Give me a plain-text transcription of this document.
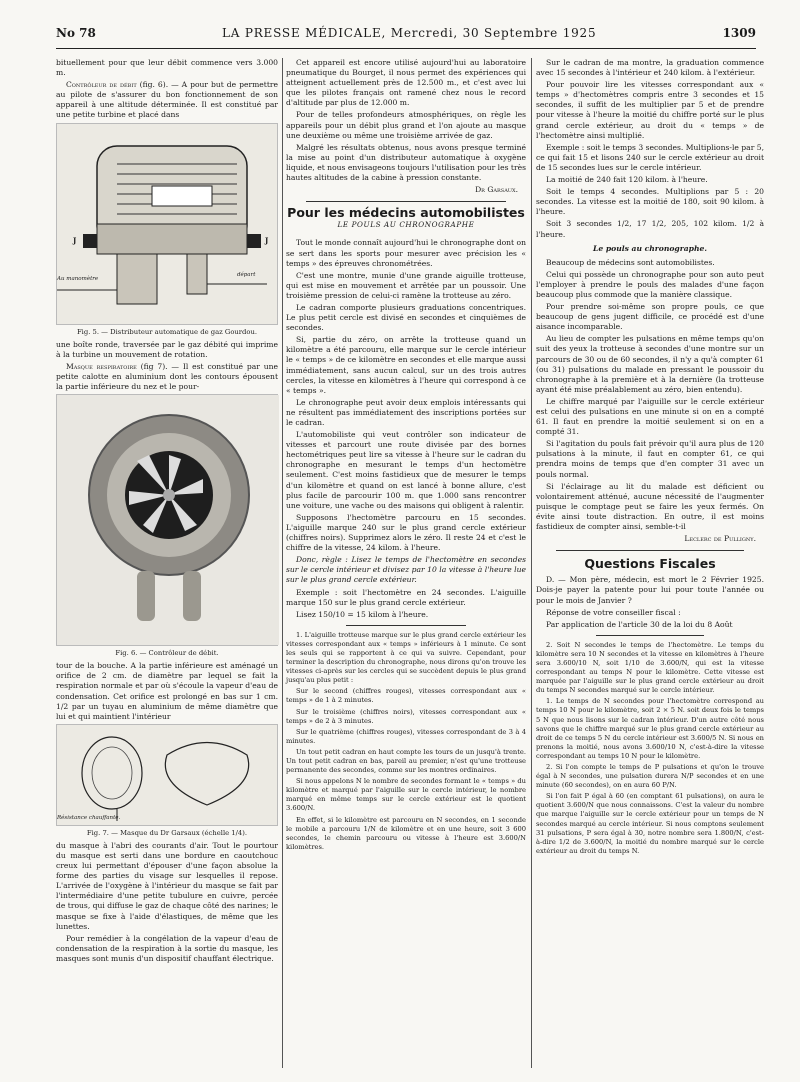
No 78	LA PRESSE MÉDICALE, Mercredi, 30 Septembre 1925	1309

bituellement pour que leur débit commence vers 3.000 m.

Contrôleur de débit (fig. 6). — A pour but de permettre au pilote de s'assurer du bon fonctionnement de son appareil à une altitude déterminée. Il est constitué par une petite turbine et placé dans

Au manomètre
départ
J	J

Fig. 5. — Distributeur automatique de gaz Gourdou.

une boîte ronde, traversée par le gaz débité qui imprime à la turbine un mouvement de rotation.

Masque respiratoire (fig 7). — Il est constitué par une petite calotte en aluminium dont les contours épousent la partie inférieure du nez et le pour-

Fig. 6. — Contrôleur de débit.

tour de la bouche. A la partie inférieure est aménagé un orifice de 2 cm. de diamètre par lequel se fait la respiration normale et par où s'écoule la vapeur d'eau de condensation. Cet orifice est prolongé en bas sur 1 cm. 1/2 par un tuyau en aluminium de même diamètre que lui et qui maintient l'intérieur

Résistance chauffante.

Fig. 7. — Masque du Dr Garsaux (échelle 1/4).

du masque à l'abri des courants d'air. Tout le pourtour du masque est serti dans une bordure en caoutchouc creux lui permettant d'épouser d'une façon absolue la forme des parties du visage sur lesquelles il repose. L'arrivée de l'oxygène à l'intérieur du masque se fait par l'intermédiaire d'une petite tubulure en cuivre, percée de trous, qui diffuse le gaz de chaque côté des narines; le masque se fixe à l'aide d'élastiques, de même que les lunettes.

Pour remédier à la congélation de la vapeur d'eau de condensation de la respiration à la sortie du masque, les masques sont munis d'un dispositif chauffant électrique.

Cet appareil est encore utilisé aujourd'hui au laboratoire pneumatique du Bourget, il nous permet des expériences qui atteignent actuellement près de 12.500 m., et c'est avec lui que les pilotes français ont ramené chez nous le record d'altitude par plus de 12.000 m.

Pour de telles profondeurs atmosphériques, on règle les appareils pour un débit plus grand et l'on ajoute au masque une deuxième ou même une troisième arrivée de gaz.

Malgré les résultats obtenus, nous avons presque terminé la mise au point d'un distributeur automatique à oxygène liquide, et nous envisageons toujours l'utilisation pour les très hautes altitudes de la cabine à pression constante.

Dr Garsaux.

Pour les médecins automobilistes
LE POULS AU CHRONOGRAPHE

Tout le monde connaît aujourd'hui le chronographe dont on se sert dans les sports pour mesurer avec précision les « temps » des épreuves chronométrées.

C'est une montre, munie d'une grande aiguille trotteuse, qui est mise en mouvement et arrêtée par un poussoir. Une troisième pression de celui-ci ramène la trotteuse au zéro.

Le cadran comporte plusieurs graduations concentriques. Le plus petit cercle est divisé en secondes et cinquièmes de secondes.

Si, partie du zéro, on arrête la trotteuse quand un kilomètre a été parcouru, elle marque sur le cercle intérieur le « temps » de ce kilomètre en secondes et elle marque aussi immédiatement, sans aucun calcul, sur un des trois autres cercles, la vitesse en kilomètres à l'heure qui correspond à ce « temps ».

Le chronographe peut avoir deux emplois intéressants qui ne résultent pas immédiatement des inscriptions portées sur le cadran.

L'automobiliste qui veut contrôler son indicateur de vitesses et parcourt une route divisée par des bornes hectométriques peut lire sa vitesse à l'heure sur le cadran du chronographe en mesurant le temps d'un hectomètre seulement. C'est moins fastidieux que de mesurer le temps d'un kilomètre et quand on est lancé à bonne allure, c'est plus facile de parcourir 100 m. que 1.000 sans rencontrer une voiture, une vache ou des maisons qui obligent à ralentir.

Supposons l'hectomètre parcouru en 15 secondes. L'aiguille marque 240 sur le plus grand cercle extérieur (chiffres noirs). Supprimez alors le zéro. Il reste 24 et c'est le chiffre de la vitesse, 24 kilom. à l'heure.

Donc, règle : Lisez le temps de l'hectomètre en secondes sur le cercle intérieur et divisez par 10 la vitesse à l'heure lue sur le plus grand cercle extérieur.

Exemple : soit l'hectomètre en 24 secondes. L'aiguille marque 150 sur le plus grand cercle extérieur.

Lisez 150/10 = 15 kilom à l'heure.

1. L'aiguille trotteuse marque sur le plus grand cercle extérieur les vitesses correspondant aux « temps » inférieurs à 1 minute. Ce sont les seuls qui se rapportent à ce qui va suivre. Cependant, pour terminer la description du chronographe, nous dirons qu'on trouve les vitesses ci-après sur les cercles qui se succèdent depuis le plus grand jusqu'au plus petit :

Sur le second (chiffres rouges), vitesses correspondant aux « temps » de 1 à 2 minutes.

Sur le troisième (chiffres noirs), vitesses correspondant aux « temps » de 2 à 3 minutes.

Sur le quatrième (chiffres rouges), vitesses correspondant de 3 à 4 minutes.

Un tout petit cadran en haut compte les tours de un jusqu'à trente. Un tout petit cadran en bas, pareil au premier, n'est qu'une trotteuse permanente des secondes, comme sur les montres ordinaires.

Si nous appelons N le nombre de secondes formant le « temps » du kilomètre et marqué par l'aiguille sur le cercle intérieur, le nombre marqué en même temps sur le cercle extérieur est le quotient 3.600/N.

En effet, si le kilomètre est parcouru en N secondes, en 1 seconde le mobile a parcouru 1/N de kilomètre et en une heure, soit 3 600 secondes, le chemin parcouru ou vitesse à l'heure est 3.600/N kilomètres.

Sur le cadran de ma montre, la graduation commence avec 15 secondes à l'intérieur et 240 kilom. à l'extérieur.

Pour pouvoir lire les vitesses correspondant aux « temps » d'hectomètres compris entre 3 secondes et 15 secondes, il suffit de les multiplier par 5 et de prendre pour vitesse à l'heure la moitié du chiffre porté sur le plus grand cercle extérieur, au droit du « temps » de l'hectomètre ainsi multiplié.

Exemple : soit le temps 3 secondes. Multiplions-le par 5, ce qui fait 15 et lisons 240 sur le cercle extérieur au droit de 15 secondes lues sur le cercle intérieur.

La moitié de 240 fait 120 kilom. à l'heure.

Soit le temps 4 secondes. Multiplions par 5 : 20 secondes. La vitesse est la moitié de 180, soit 90 kilom. à l'heure.

Soit 3 secondes 1/2, 17 1/2, 205, 102 kilom. 1/2 à l'heure.

Le pouls au chronographe.

Beaucoup de médecins sont automobilistes.

Celui qui possède un chronographe pour son auto peut l'employer à prendre le pouls des malades d'une façon beaucoup plus commode que la manière classique.

Pour prendre soi-même son propre pouls, ce que beaucoup de gens jugent difficile, ce procédé est d'une aisance incomparable.

Au lieu de compter les pulsations en même temps qu'on suit des yeux la trotteuse à secondes d'une montre sur un parcours de 30 ou de 60 secondes, il n'y a qu'à compter 61 (ou 31) pulsations du malade en pressant le poussoir du chronographe à la première et à la dernière (la trotteuse ayant été mise préalablement au zéro, bien entendu).

Le chiffre marqué par l'aiguille sur le cercle extérieur est celui des pulsations en une minute si on en a compté 61. Il faut en prendre la moitié seulement si on en a compté 31.

Si l'agitation du pouls fait prévoir qu'il aura plus de 120 pulsations à la minute, il faut en compter 61, ce qui prendra moins de temps que d'en compter 31 avec un pouls normal.

Si l'éclairage au lit du malade est déficient ou volontairement atténué, aucune nécessité de l'augmenter puisque le comptage peut se faire les yeux fermés. On évite ainsi toute distraction. En outre, il est moins fastidieux de compter ainsi, semble-t-il

Leclerc de Pulligny.

Questions Fiscales

D. — Mon père, médecin, est mort le 2 Février 1925. Dois-je payer la patente pour lui pour toute l'année ou pour le mois de Janvier ?

Réponse de votre conseiller fiscal :

Par application de l'article 30 de la loi du 8 Août

2. Soit N secondes le temps de l'hectomètre. Le temps du kilomètre sera 10 N secondes et la vitesse en kilomètres à l'heure sera 3.600/10 N, soit 1/10 de 3.600/N, qui est la vitesse correspondant au temps N pour le kilomètre. Cette vitesse est marquée par l'aiguille sur le plus grand cercle extérieur au droit du temps N secondes marqué sur le cercle intérieur.

1. Le temps de N secondes pour l'hectomètre correspond au temps 10 N pour le kilomètre, soit 2 × 5 N. soit deux fois le temps 5 N que nous lisons sur le cadran intérieur. D'un autre côté nous savons que le chiffre marqué sur le plus grand cercle extérieur au droit de ce temps 5 N du cercle intérieur est 3.600/5 N. Si nous en prenons la moitié, nous avons 3.600/10 N, c'est-à-dire la vitesse correspondant au temps 10 N pour le kilomètre.

2. Si l'on compte le temps de P pulsations et qu'on le trouve égal à N secondes, une pulsation durera N/P secondes et en une minute (60 secondes), on en aura 60 P/N.

Si l'on fait P égal à 60 (en comptant 61 pulsations), on aura le quotient 3.600/N que nous connaissons. C'est la valeur du nombre que marque l'aiguille sur le cercle extérieur pour un temps de N secondes marqué au cercle intérieur. Si nous comptons seulement 31 pulsations, P sera égal à 30, notre nombre sera 1.800/N, c'est-à-dire 1/2 de 3.600/N, la moitié du nombre marqué sur le cercle extérieur au droit du temps N.
